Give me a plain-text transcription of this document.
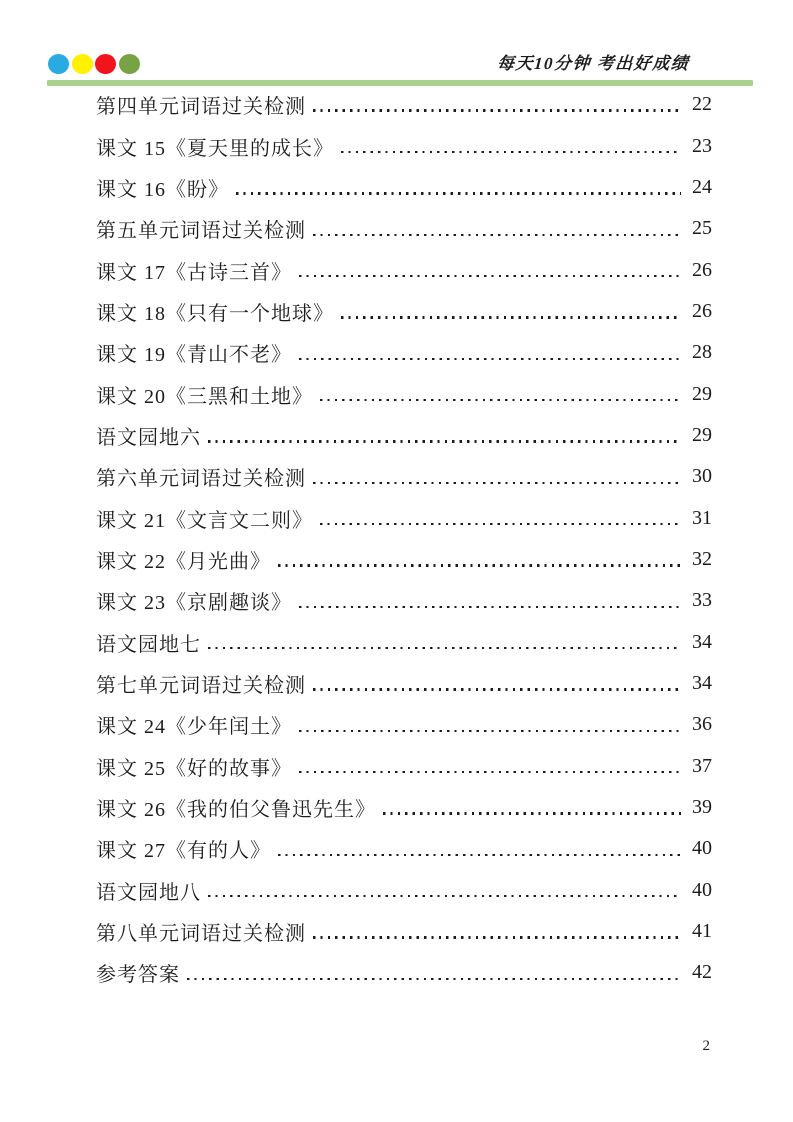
每天10分钟 考出好成绩
第四单元词语过关检测	22
课文 15《夏天里的成长》	23
课文 16《盼》	24
第五单元词语过关检测	25
课文 17《古诗三首》	26
课文 18《只有一个地球》	26
课文 19《青山不老》	28
课文 20《三黑和土地》	29
语文园地六	29
第六单元词语过关检测	30
课文 21《文言文二则》	31
课文 22《月光曲》	32
课文 23《京剧趣谈》	33
语文园地七	34
第七单元词语过关检测	34
课文 24《少年闰土》	36
课文 25《好的故事》	37
课文 26《我的伯父鲁迅先生》	39
课文 27《有的人》	40
语文园地八	40
第八单元词语过关检测	41
参考答案	42
2
